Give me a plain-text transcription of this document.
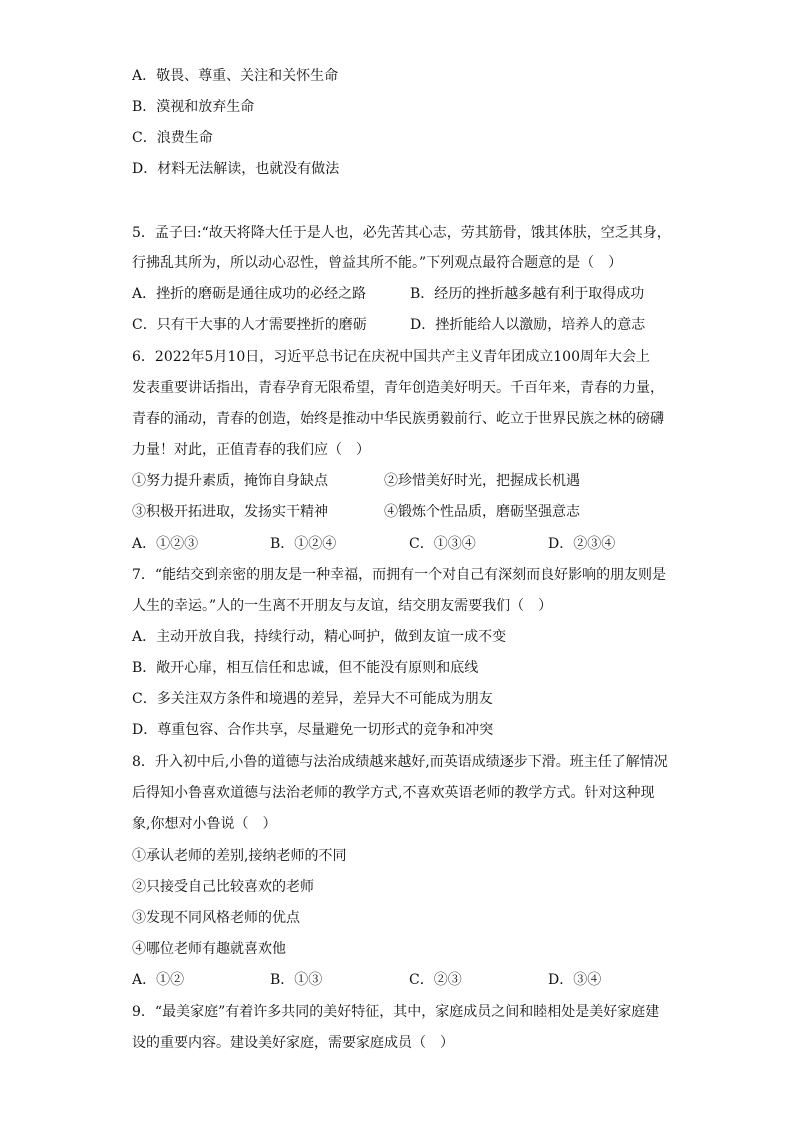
A．敬畏、尊重、关注和关怀生命
B．漠视和放弃生命
C．浪费生命
D．材料无法解读，也就没有做法
5．孟子曰:“故天将降大任于是人也，必先苦其心志，劳其筋骨，饿其体肤，空乏其身，
行拂乱其所为，所以动心忍性，曾益其所不能。”下列观点最符合题意的是（　）
A．挫折的磨砺是通往成功的必经之路	B．经历的挫折越多越有利于取得成功
C．只有干大事的人才需要挫折的磨砺	D．挫折能给人以激励，培养人的意志
6．2022年5月10日，习近平总书记在庆祝中国共产主义青年团成立100周年大会上
发表重要讲话指出，青春孕育无限希望，青年创造美好明天。千百年来，青春的力量，
青春的涌动，青春的创造，始终是推动中华民族勇毅前行、屹立于世界民族之林的磅礴
力量！对此，正值青春的我们应（　）
①努力提升素质，掩饰自身缺点	②珍惜美好时光，把握成长机遇
③积极开拓进取，发扬实干精神	④锻炼个性品质，磨砺坚强意志
A．①②③	B．①②④	C．①③④	D．②③④
7．“能结交到亲密的朋友是一种幸福，而拥有一个对自己有深刻而良好影响的朋友则是
人生的幸运。”人的一生离不开朋友与友谊，结交朋友需要我们（　）
A．主动开放自我，持续行动，精心呵护，做到友谊一成不变
B．敞开心扉，相互信任和忠诚，但不能没有原则和底线
C．多关注双方条件和境遇的差异，差异大不可能成为朋友
D．尊重包容、合作共享，尽量避免一切形式的竞争和冲突
8．升入初中后,小鲁的道德与法治成绩越来越好,而英语成绩逐步下滑。班主任了解情况
后得知小鲁喜欢道德与法治老师的教学方式,不喜欢英语老师的教学方式。针对这种现
象,你想对小鲁说（　）
①承认老师的差别,接纳老师的不同
②只接受自己比较喜欢的老师
③发现不同风格老师的优点
④哪位老师有趣就喜欢他
A．①②	B．①③	C．②③	D．③④
9．“最美家庭”有着许多共同的美好特征，其中，家庭成员之间和睦相处是美好家庭建
设的重要内容。建设美好家庭，需要家庭成员（　）
